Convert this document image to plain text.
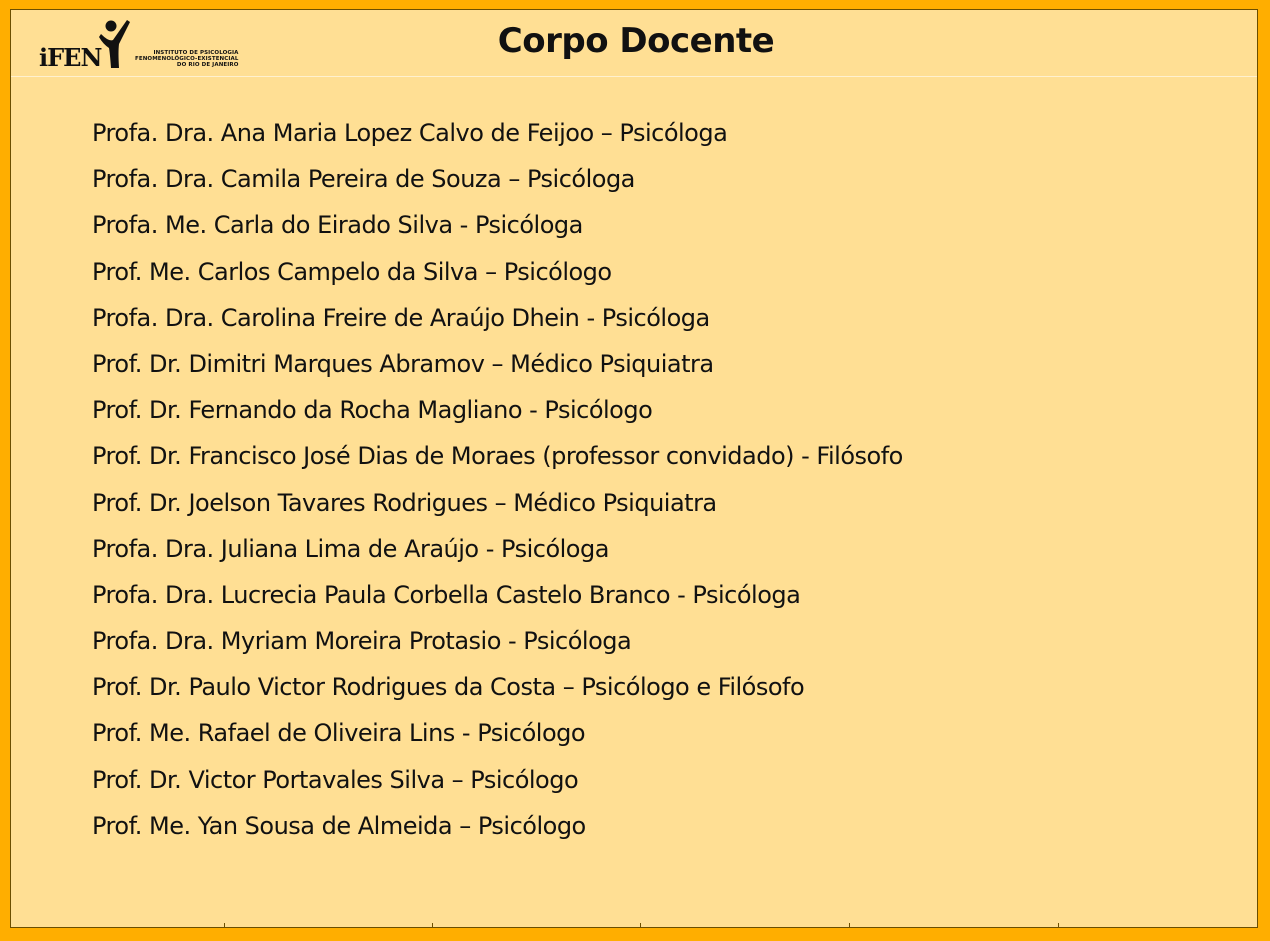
iFEN	INSTITUTO DE PSICOLOGIA
FENOMENOLÓGICO-EXISTENCIAL
DO RIO DE JANEIRO
Corpo Docente
Profa. Dra. Ana Maria Lopez Calvo de Feijoo – Psicóloga
Profa. Dra. Camila Pereira de Souza – Psicóloga
Profa. Me. Carla do Eirado Silva - Psicóloga
Prof. Me. Carlos Campelo da Silva – Psicólogo
Profa. Dra. Carolina Freire de Araújo Dhein - Psicóloga
Prof. Dr. Dimitri Marques Abramov – Médico Psiquiatra
Prof. Dr. Fernando da Rocha Magliano - Psicólogo
Prof. Dr. Francisco José Dias de Moraes (professor convidado) - Filósofo
Prof. Dr. Joelson Tavares Rodrigues – Médico Psiquiatra
Profa. Dra. Juliana Lima de Araújo - Psicóloga
Profa. Dra. Lucrecia Paula Corbella Castelo Branco - Psicóloga
Profa. Dra. Myriam Moreira Protasio - Psicóloga
Prof. Dr. Paulo Victor Rodrigues da Costa – Psicólogo e Filósofo
Prof. Me. Rafael de Oliveira Lins - Psicólogo
Prof. Dr. Victor Portavales Silva – Psicólogo
Prof. Me. Yan Sousa de Almeida – Psicólogo
